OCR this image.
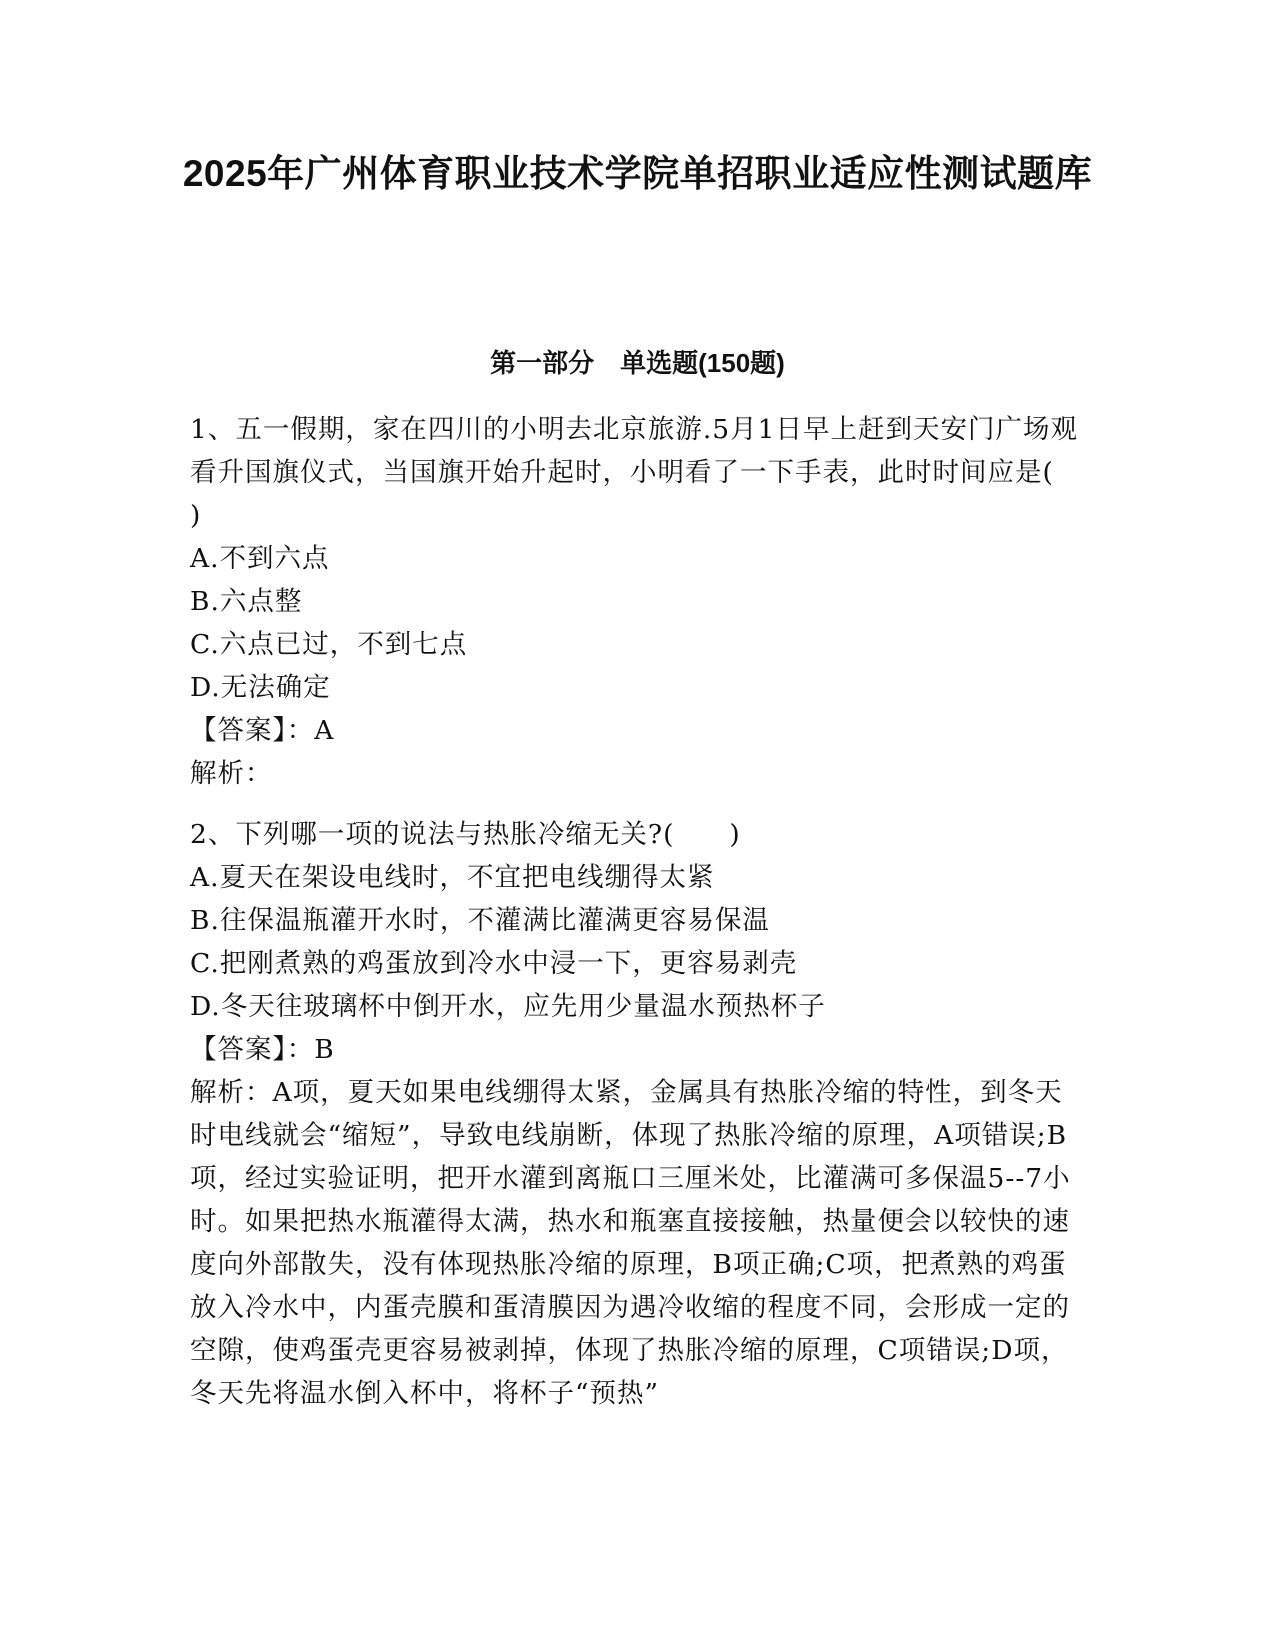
2025年广州体育职业技术学院单招职业适应性测试题库
第一部分　单选题(150题)

1、五一假期，家在四川的小明去北京旅游.5月1日早上赶到天安门广场观看升国旗仪式，当国旗开始升起时，小明看了一下手表，此时时间应是(　　)

A.不到六点

B.六点整

C.六点已过，不到七点

D.无法确定

【答案】：A

解析：

2、下列哪一项的说法与热胀冷缩无关?(　　)

A.夏天在架设电线时，不宜把电线绷得太紧

B.往保温瓶灌开水时，不灌满比灌满更容易保温

C.把刚煮熟的鸡蛋放到冷水中浸一下，更容易剥壳

D.冬天往玻璃杯中倒开水，应先用少量温水预热杯子

【答案】：B

解析：A项，夏天如果电线绷得太紧，金属具有热胀冷缩的特性，到冬天时电线就会“缩短”，导致电线崩断，体现了热胀冷缩的原理，A项错误;B项，经过实验证明，把开水灌到离瓶口三厘米处，比灌满可多保温5--7小时。如果把热水瓶灌得太满，热水和瓶塞直接接触，热量便会以较快的速度向外部散失，没有体现热胀冷缩的原理，B项正确;C项，把煮熟的鸡蛋放入冷水中，内蛋壳膜和蛋清膜因为遇冷收缩的程度不同，会形成一定的空隙，使鸡蛋壳更容易被剥掉，体现了热胀冷缩的原理，C项错误;D项，冬天先将温水倒入杯中，将杯子“预热”
